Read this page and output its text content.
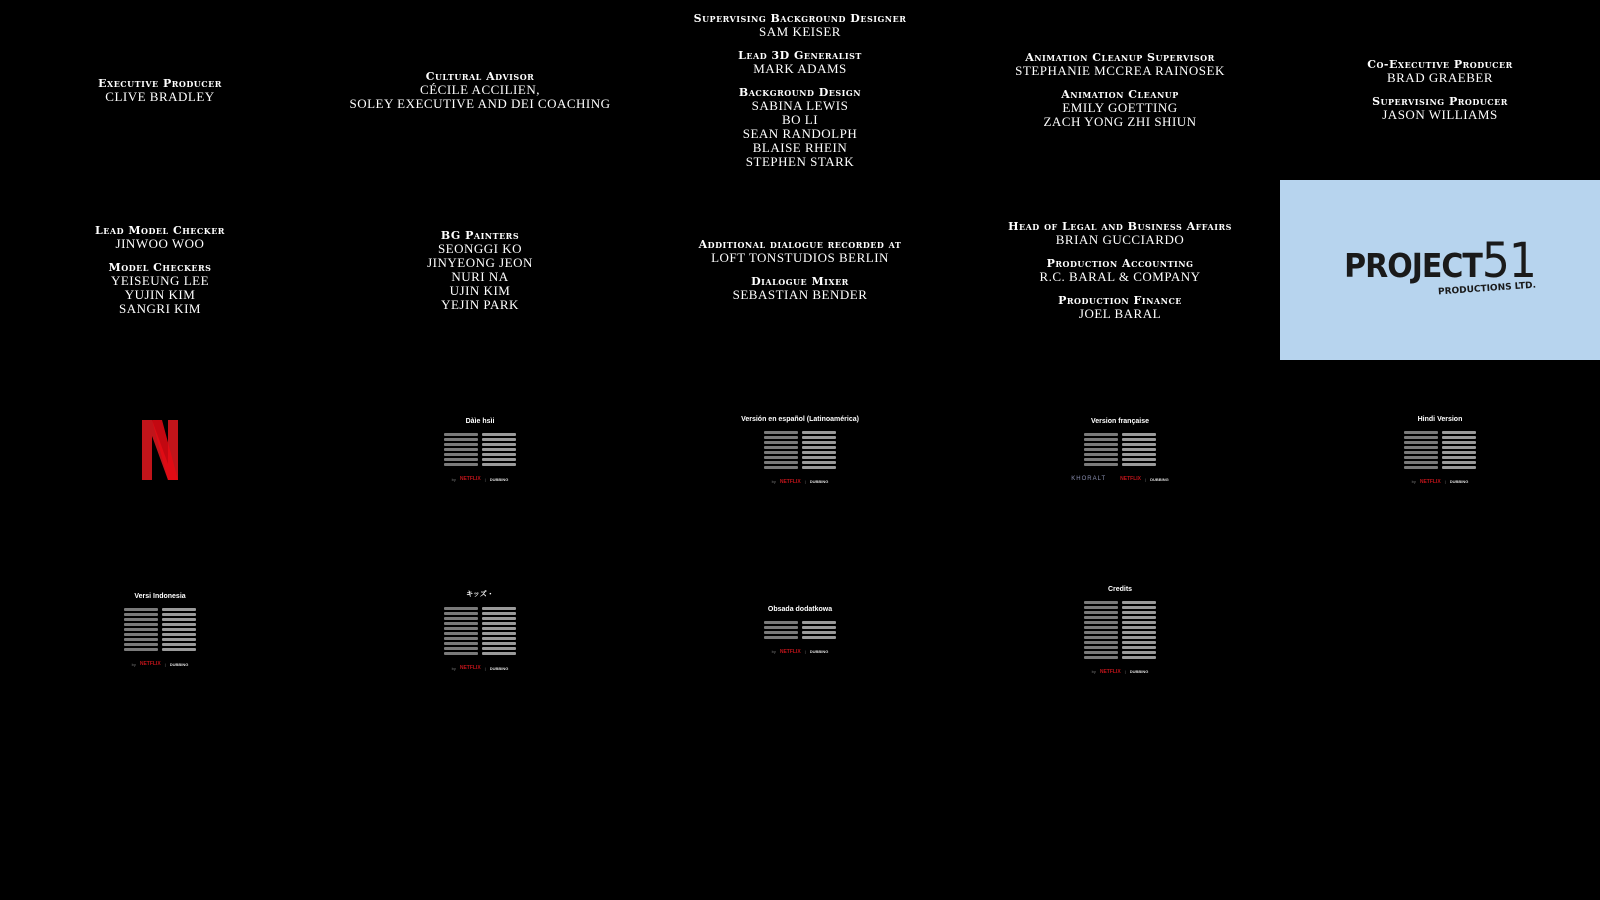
Executive Producer
CLIVE BRADLEY
Cultural Advisor
CÉCILE ACCILIEN,
SOLEY EXECUTIVE AND DEI COACHING
Supervising Background Designer
SAM KEISER
Lead 3D Generalist
MARK ADAMS
Background Design
SABINA LEWIS
BO LI
SEAN RANDOLPH
BLAISE RHEIN
STEPHEN STARK
Animation Cleanup Supervisor
STEPHANIE MCCREA RAINOSEK
Animation Cleanup
EMILY GOETTING
ZACH YONG ZHI SHIUN
Co-Executive Producer
BRAD GRAEBER
Supervising Producer
JASON WILLIAMS
Lead Model Checker
JINWOO WOO
Model Checkers
YEISEUNG LEE
YUJIN KIM
SANGRI KIM
BG Painters
SEONGGI KO
JINYEONG JEON
NURI NA
UJIN KIM
YEJIN PARK
Additional dialogue recorded at
LOFT TONSTUDIOS BERLIN
Dialogue Mixer
SEBASTIAN BENDER
Head of Legal and Business Affairs
BRIAN GUCCIARDO
Production Accounting
R.C. BARAL & COMPANY
Production Finance
JOEL BARAL
PROJECT51
PRODUCTIONS LTD.
Dàìe hsìi
by NETFLIX | DUBBING
Versión en español (Latinoamérica)
by NETFLIX | DUBBING
Version française
KHORALT	NETFLIX | DUBBING
Hindi Version
by NETFLIX | DUBBING
Versi Indonesia
by NETFLIX | DUBBING
キッズ・
by NETFLIX | DUBBING
Obsada dodatkowa
by NETFLIX | DUBBING
Credits
by NETFLIX | DUBBING
